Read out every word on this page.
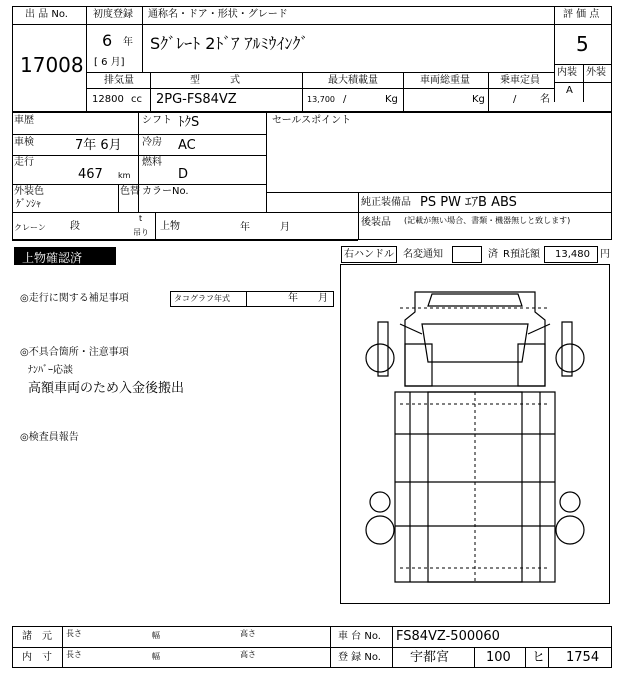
出 品 No.
17008
初度登録
6 年
[ 6 月]
通称名・ドア・形状・グレード
Sｸﾞﾚｰﾄ 2ﾄﾞｱ ｱﾙﾐｳｲﾝｸﾞ
評 価 点
5
内装 外装
A
排気量	型　　　式	最大積載量	車両総重量	乗車定員
12800 cc 2PG-FS84VZ	13,700 /	Kg	Kg	/ 名
車歴	シフト ﾄｸS	セールスポイント
車検	7年 6月 冷房 AC
走行
467 km
燃料
D
外装色
ｹﾞﾝｼｬ
色替 カラーNo.
純正装備品 PS PW ｴｱB ABS
後装品 (記載が無い場合、書類・機器無しと致します)
クレーン 段
t
吊り
上物	年	月
上物確認済	右ハンドル 名変通知	済 R預託額 13,480 円
◎走行に関する補足事項	タコグラフ年式	年 月
◎不具合箇所・注意事項
ﾅﾝﾊﾞｰ応談
高額車両のため入金後搬出
◎検査員報告
諸　元
内　寸
長さ	幅	高さ
長さ	幅	高さ
車 台 No. FS84VZ-500060
登 録 No. 宇都宮	100 ヒ 1754
